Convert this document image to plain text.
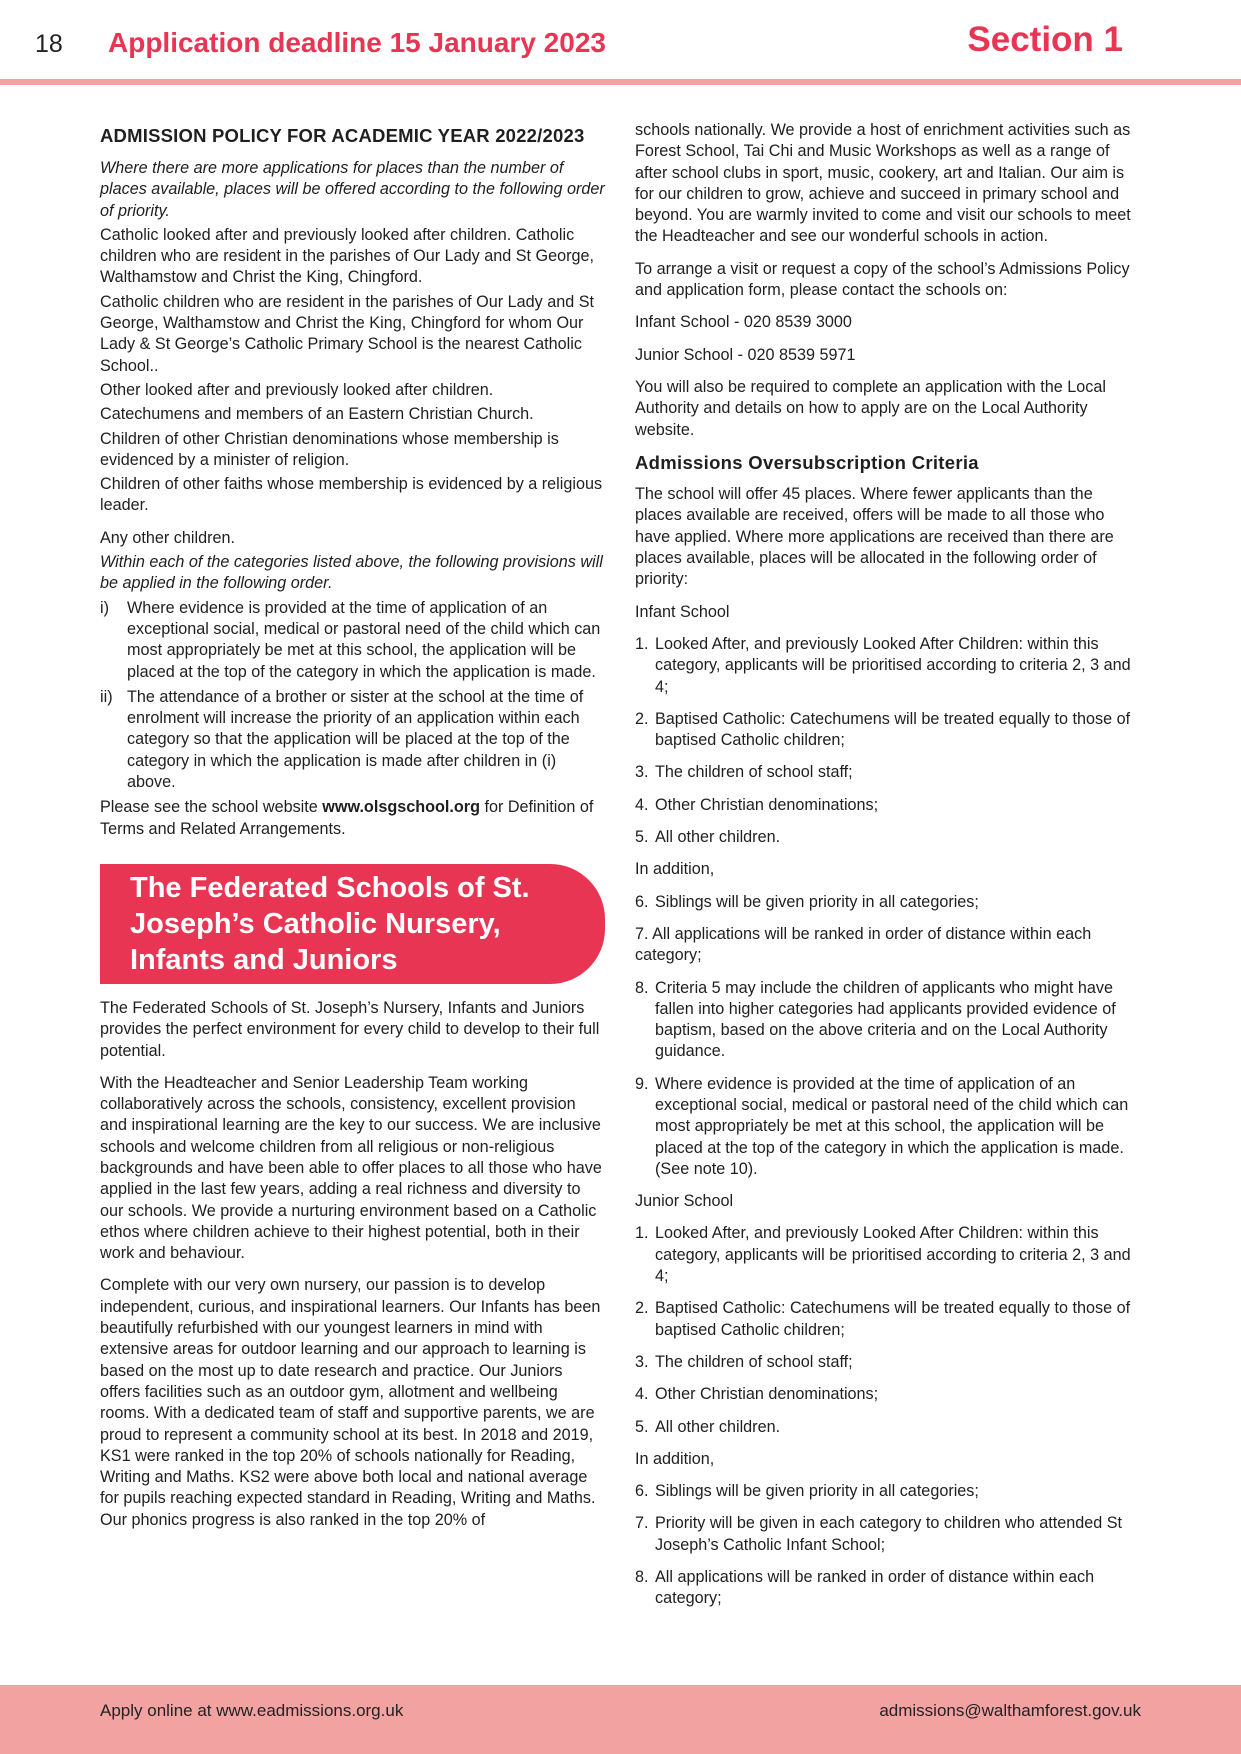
18 Application deadline 15 January 2023	Section 1

ADMISSION POLICY FOR ACADEMIC YEAR 2022/2023

Where there are more applications for places than the number of places available, places will be offered according to the following order of priority.

Catholic looked after and previously looked after children. Catholic children who are resident in the parishes of Our Lady and St George, Walthamstow and Christ the King, Chingford.

Catholic children who are resident in the parishes of Our Lady and St George, Walthamstow and Christ the King, Chingford for whom Our Lady & St George’s Catholic Primary School is the nearest Catholic School..

Other looked after and previously looked after children.

Catechumens and members of an Eastern Christian Church.

Children of other Christian denominations whose membership is evidenced by a minister of religion.

Children of other faiths whose membership is evidenced by a religious leader.

Any other children.

Within each of the categories listed above, the following provisions will be applied in the following order.

i)	Where evidence is provided at the time of application of an exceptional social, medical or pastoral need of the child which can most appropriately be met at this school, the application will be placed at the top of the category in which the application is made.
ii) The attendance of a brother or sister at the school at the time of enrolment will increase the priority of an application within each category so that the application will be placed at the top of the category in which the application is made after children in (i) above.

Please see the school website www.olsgschool.org for Definition of Terms and Related Arrangements.

The Federated Schools of St. Joseph’s Catholic Nursery, Infants and Juniors

The Federated Schools of St. Joseph’s Nursery, Infants and Juniors provides the perfect environment for every child to develop to their full potential.

With the Headteacher and Senior Leadership Team working collaboratively across the schools, consistency, excellent provision and inspirational learning are the key to our success. We are inclusive schools and welcome children from all religious or non-religious backgrounds and have been able to offer places to all those who have applied in the last few years, adding a real richness and diversity to our schools. We provide a nurturing environment based on a Catholic ethos where children achieve to their highest potential, both in their work and behaviour.

Complete with our very own nursery, our passion is to develop independent, curious, and inspirational learners. Our Infants has been beautifully refurbished with our youngest learners in mind with extensive areas for outdoor learning and our approach to learning is based on the most up to date research and practice. Our Juniors offers facilities such as an outdoor gym, allotment and wellbeing rooms. With a dedicated team of staff and supportive parents, we are proud to represent a community school at its best. In 2018 and 2019, KS1 were ranked in the top 20% of schools nationally for Reading, Writing and Maths. KS2 were above both local and national average for pupils reaching expected standard in Reading, Writing and Maths. Our phonics progress is also ranked in the top 20% of

schools nationally. We provide a host of enrichment activities such as Forest School, Tai Chi and Music Workshops as well as a range of after school clubs in sport, music, cookery, art and Italian. Our aim is for our children to grow, achieve and succeed in primary school and beyond. You are warmly invited to come and visit our schools to meet the Headteacher and see our wonderful schools in action.

To arrange a visit or request a copy of the school’s Admissions Policy and application form, please contact the schools on:

Infant School - 020 8539 3000

Junior School - 020 8539 5971

You will also be required to complete an application with the Local Authority and details on how to apply are on the Local Authority website.

Admissions Oversubscription Criteria

The school will offer 45 places. Where fewer applicants than the places available are received, offers will be made to all those who have applied. Where more applications are received than there are places available, places will be allocated in the following order of priority:

Infant School

1. Looked After, and previously Looked After Children: within this category, applicants will be prioritised according to criteria 2, 3 and 4;
2. Baptised Catholic: Catechumens will be treated equally to those of baptised Catholic children;
3. The children of school staff;
4. Other Christian denominations;
5. All other children.

In addition,

6. Siblings will be given priority in all categories;
7. All applications will be ranked in order of distance within each category;
8. Criteria 5 may include the children of applicants who might have fallen into higher categories had applicants provided evidence of baptism, based on the above criteria and on the Local Authority guidance.
9. Where evidence is provided at the time of application of an exceptional social, medical or pastoral need of the child which can most appropriately be met at this school, the application will be placed at the top of the category in which the application is made. (See note 10).

Junior School

1. Looked After, and previously Looked After Children: within this category, applicants will be prioritised according to criteria 2, 3 and 4;
2. Baptised Catholic: Catechumens will be treated equally to those of baptised Catholic children;
3. The children of school staff;
4. Other Christian denominations;
5. All other children.

In addition,

6. Siblings will be given priority in all categories;
7. Priority will be given in each category to children who attended St Joseph’s Catholic Infant School;
8. All applications will be ranked in order of distance within each category;
Apply online at www.eadmissions.org.uk	admissions@walthamforest.gov.uk
